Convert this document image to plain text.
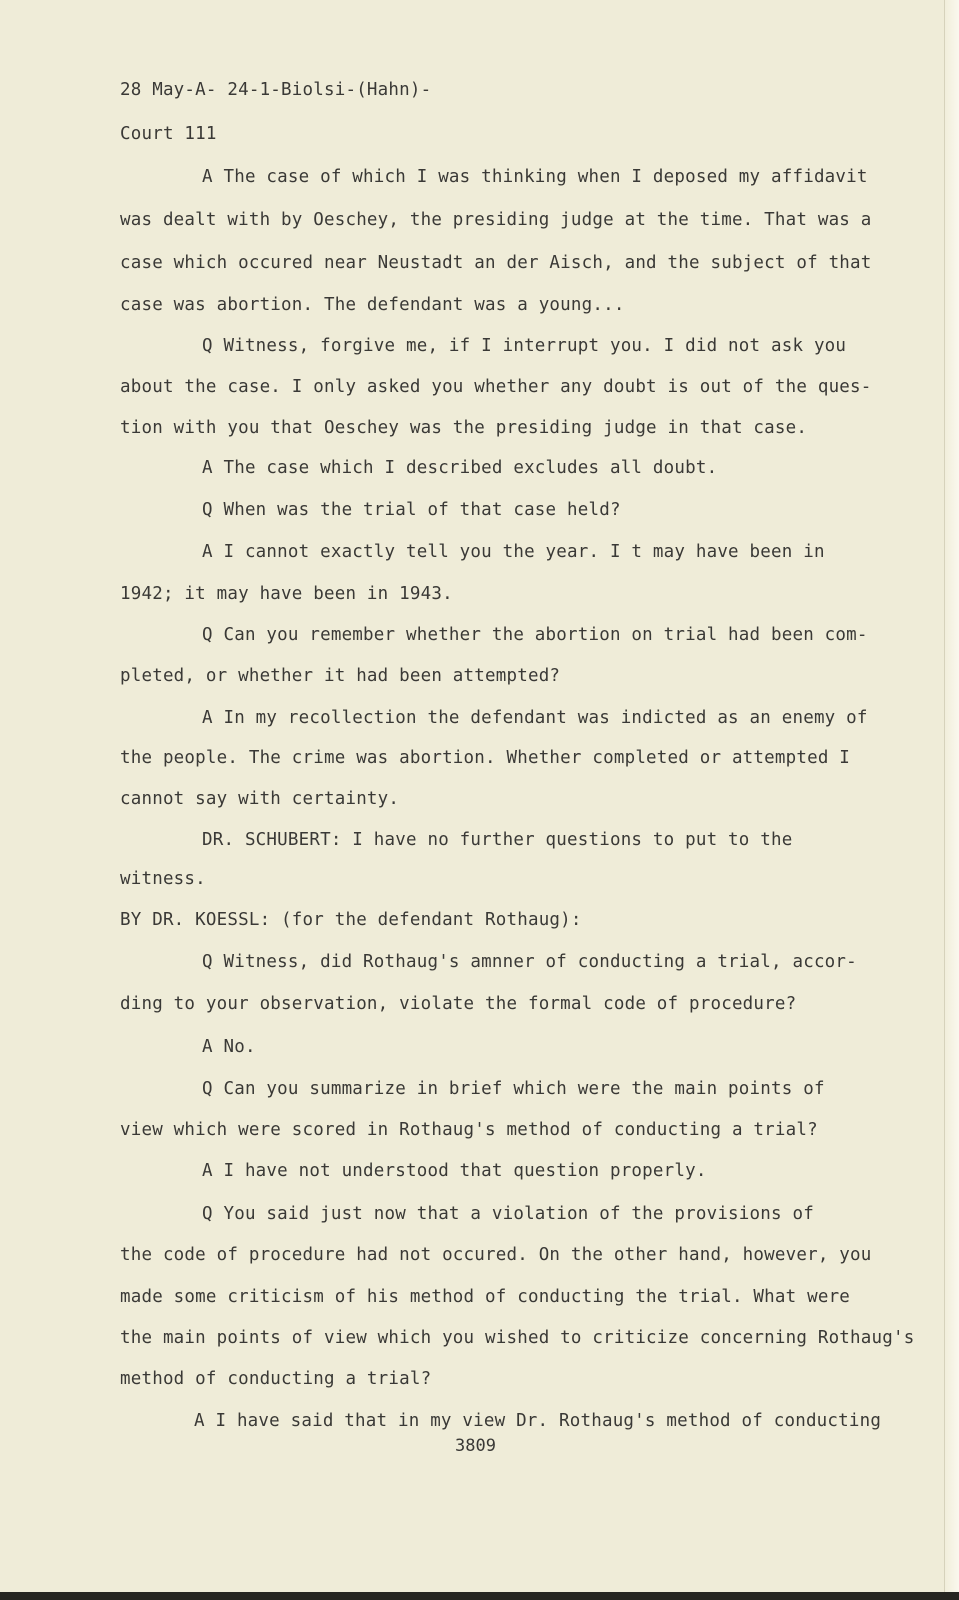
28 May-A- 24-1-Biolsi-(Hahn)-
Court 111
A The case of which I was thinking when I deposed my affidavit
was dealt with by Oeschey, the presiding judge at the time. That was a
case which occured near Neustadt an der Aisch, and the subject of that
case was abortion. The defendant was a young...
Q Witness, forgive me, if I interrupt you. I did not ask you
about the case. I only asked you whether any doubt is out of the ques-
tion with you that Oeschey was the presiding judge in that case.
A The case which I described excludes all doubt.
Q When was the trial of that case held?
A I cannot exactly tell you the year. I t may have been in
1942; it may have been in 1943.
Q Can you remember whether the abortion on trial had been com-
pleted, or whether it had been attempted?
A In my recollection the defendant was indicted as an enemy of
the people. The crime was abortion. Whether completed or attempted I
cannot say with certainty.
DR. SCHUBERT: I have no further questions to put to the
witness.
BY DR. KOESSL: (for the defendant Rothaug):
Q Witness, did Rothaug's amnner of conducting a trial, accor-
ding to your observation, violate the formal code of procedure?
A No.
Q Can you summarize in brief which were the main points of
view which were scored in Rothaug's method of conducting a trial?
A I have not understood that question properly.
Q You said just now that a violation of the provisions of
the code of procedure had not occured. On the other hand, however, you
made some criticism of his method of conducting the trial. What were
the main points of view which you wished to criticize concerning Rothaug's
method of conducting a trial?
A I have said that in my view Dr. Rothaug's method of conducting
3809
